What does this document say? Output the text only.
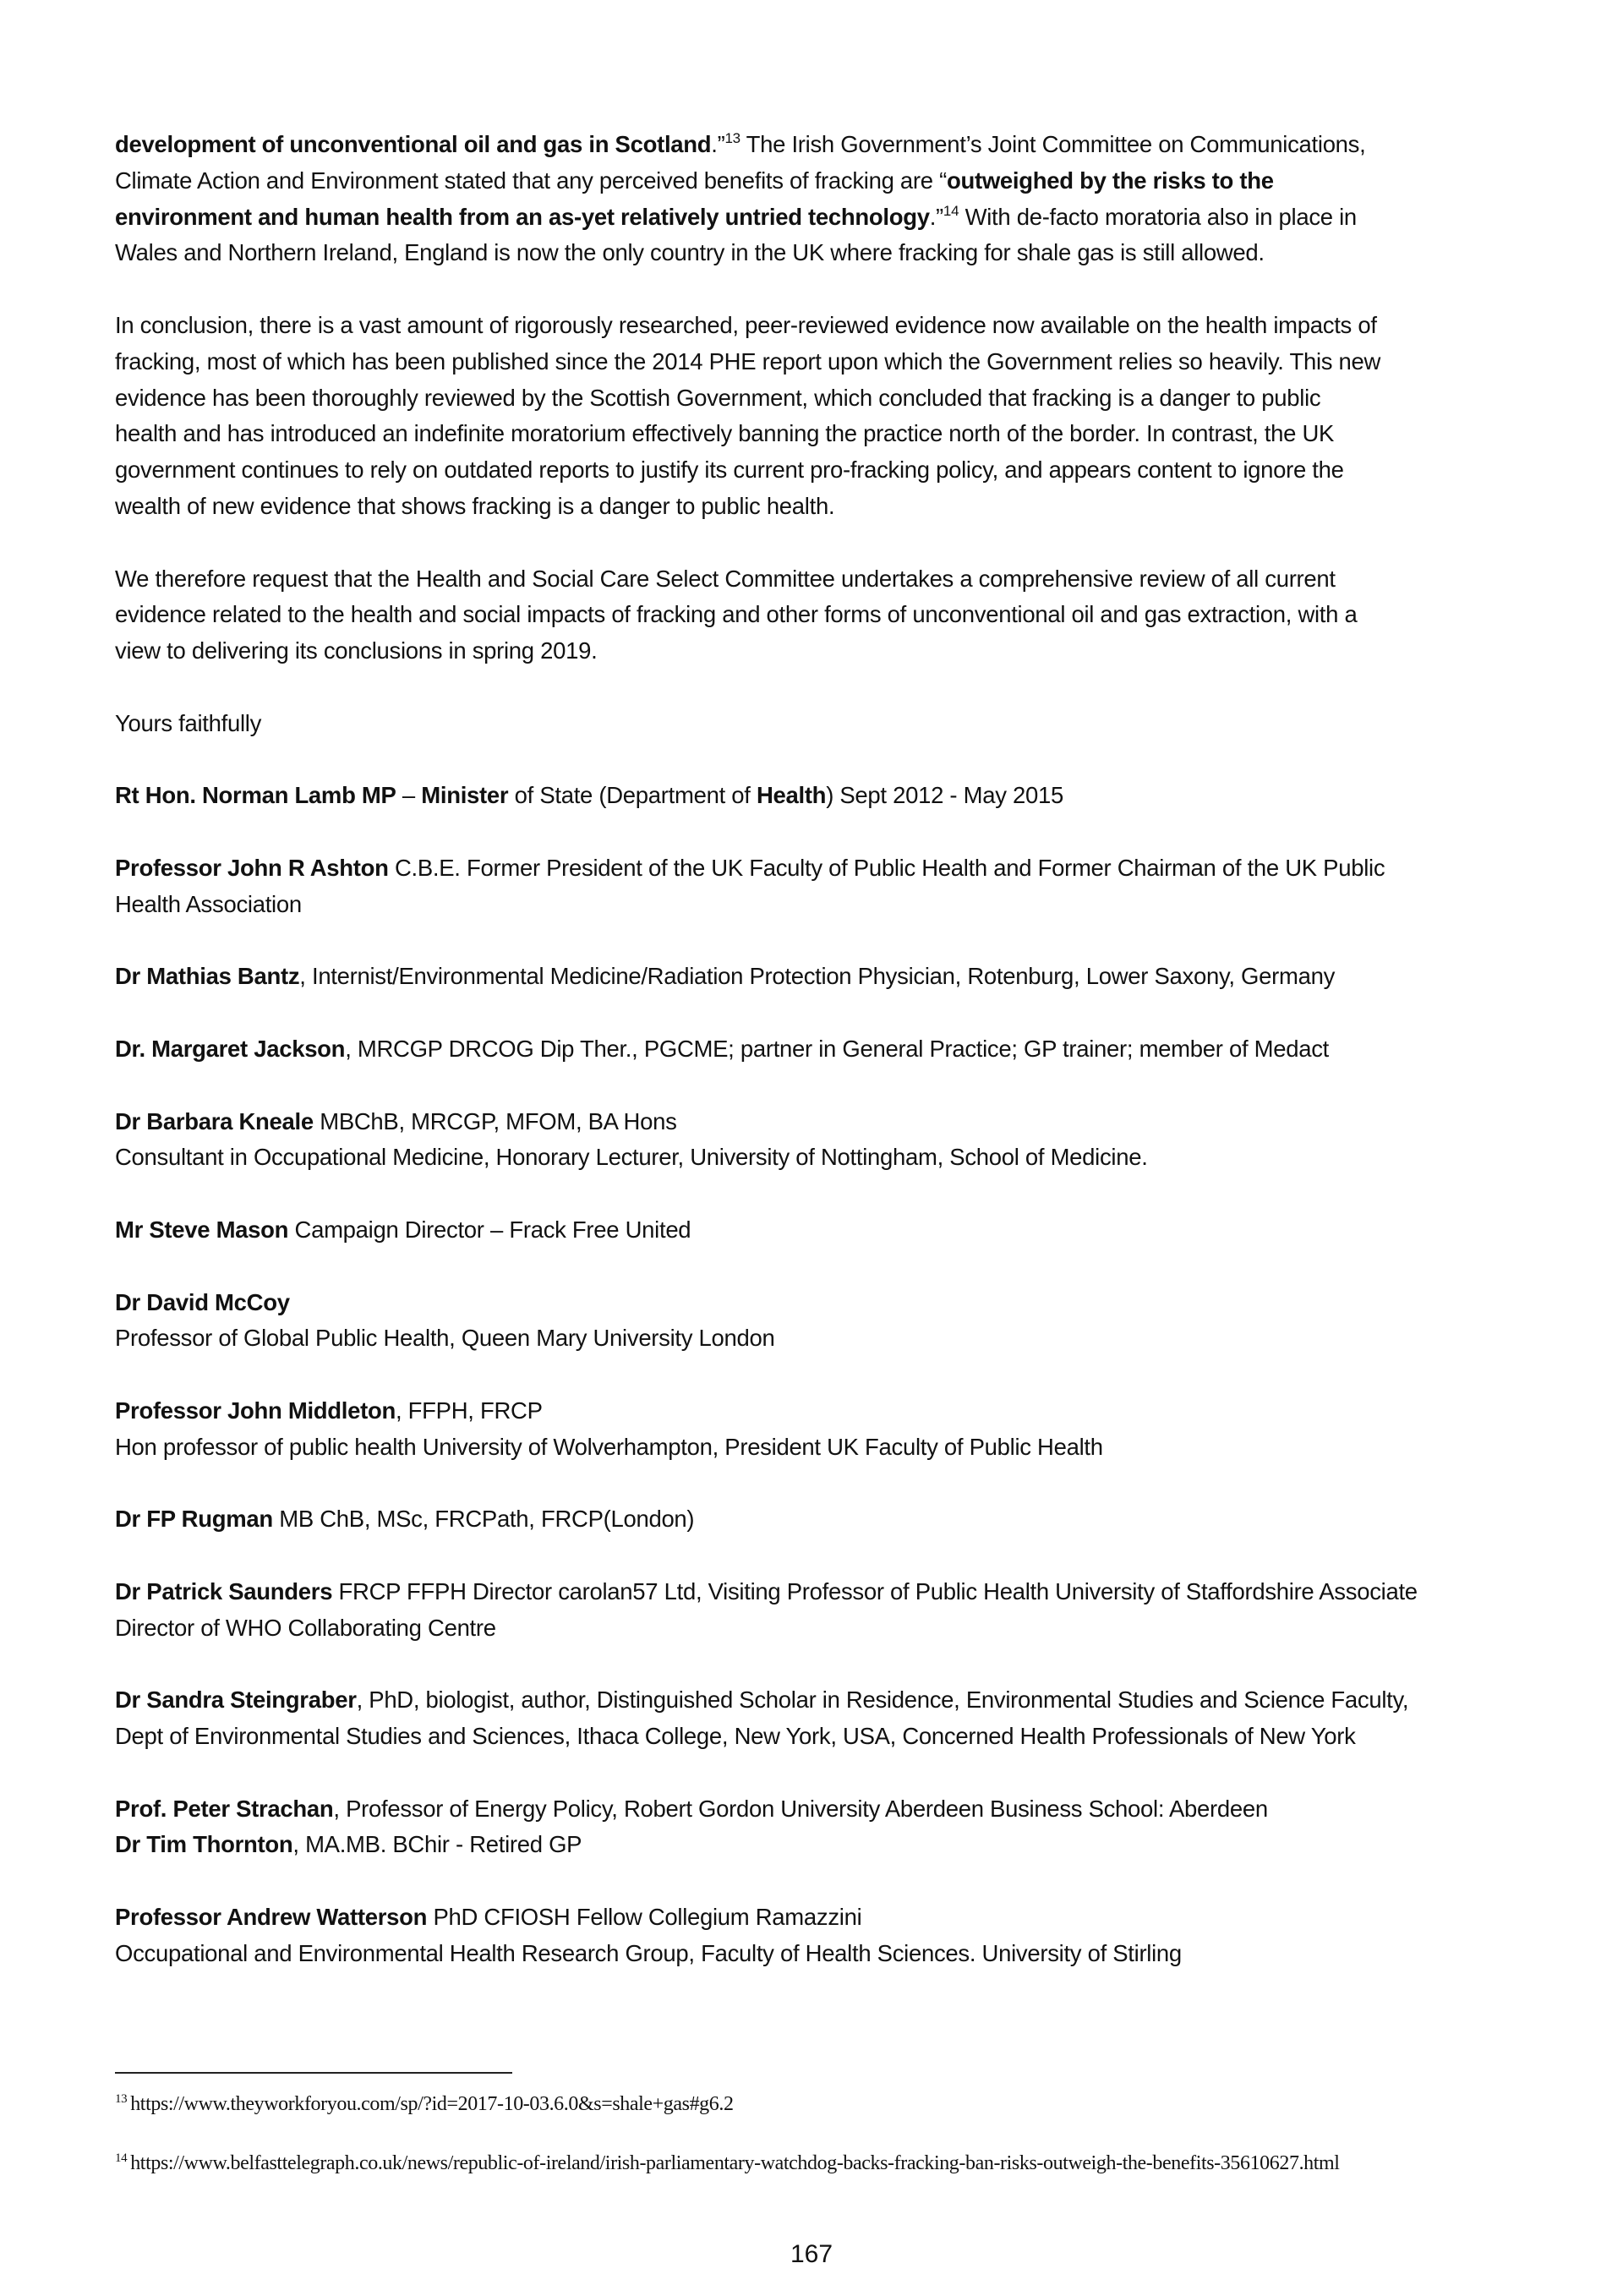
development of unconventional oil and gas in Scotland.”$^{13}$ The Irish Government’s Joint Committee on Communications,
Climate Action and Environment stated that any perceived benefits of fracking are “outweighed by the risks to the
environment and human health from an as-yet relatively untried technology.”$^{14}$ With de-facto moratoria also in place in
Wales and Northern Ireland, England is now the only country in the UK where fracking for shale gas is still allowed.
In conclusion, there is a vast amount of rigorously researched, peer-reviewed evidence now available on the health impacts of
fracking, most of which has been published since the 2014 PHE report upon which the Government relies so heavily. This new
evidence has been thoroughly reviewed by the Scottish Government, which concluded that fracking is a danger to public
health and has introduced an indefinite moratorium effectively banning the practice north of the border. In contrast, the UK
government continues to rely on outdated reports to justify its current pro-fracking policy, and appears content to ignore the
wealth of new evidence that shows fracking is a danger to public health.
We therefore request that the Health and Social Care Select Committee undertakes a comprehensive review of all current
evidence related to the health and social impacts of fracking and other forms of unconventional oil and gas extraction, with a
view to delivering its conclusions in spring 2019.
Yours faithfully
Rt Hon. Norman Lamb MP – Minister of State (Department of Health) Sept 2012 - May 2015
Professor John R Ashton C.B.E. Former President of the UK Faculty of Public Health and Former Chairman of the UK Public
Health Association
Dr Mathias Bantz, Internist/Environmental Medicine/Radiation Protection Physician, Rotenburg, Lower Saxony, Germany
Dr. Margaret Jackson, MRCGP DRCOG Dip Ther., PGCME; partner in General Practice; GP trainer; member of Medact
Dr Barbara Kneale MBChB, MRCGP, MFOM, BA Hons
Consultant in Occupational Medicine, Honorary Lecturer, University of Nottingham, School of Medicine.
Mr Steve Mason Campaign Director – Frack Free United
Dr David McCoy
Professor of Global Public Health, Queen Mary University London
Professor John Middleton, FFPH, FRCP
Hon professor of public health University of Wolverhampton, President UK Faculty of Public Health
Dr FP Rugman MB ChB, MSc, FRCPath, FRCP(London)
Dr Patrick Saunders FRCP FFPH Director carolan57 Ltd, Visiting Professor of Public Health University of Staffordshire Associate
Director of WHO Collaborating Centre
Dr Sandra Steingraber, PhD, biologist, author, Distinguished Scholar in Residence, Environmental Studies and Science Faculty,
Dept of Environmental Studies and Sciences, Ithaca College, New York, USA, Concerned Health Professionals of New York
Prof. Peter Strachan, Professor of Energy Policy, Robert Gordon University Aberdeen Business School: Aberdeen
Dr Tim Thornton, MA.MB. BChir - Retired GP
Professor Andrew Watterson PhD CFIOSH Fellow Collegium Ramazzini
Occupational and Environmental Health Research Group, Faculty of Health Sciences. University of Stirling
$^{13}$ https://www.theyworkforyou.com/sp/?id=2017-10-03.6.0&s=shale+gas#g6.2
$^{14}$ https://www.belfasttelegraph.co.uk/news/republic-of-ireland/irish-parliamentary-watchdog-backs-fracking-ban-risks-outweigh-the-benefits-35610627.html
167
